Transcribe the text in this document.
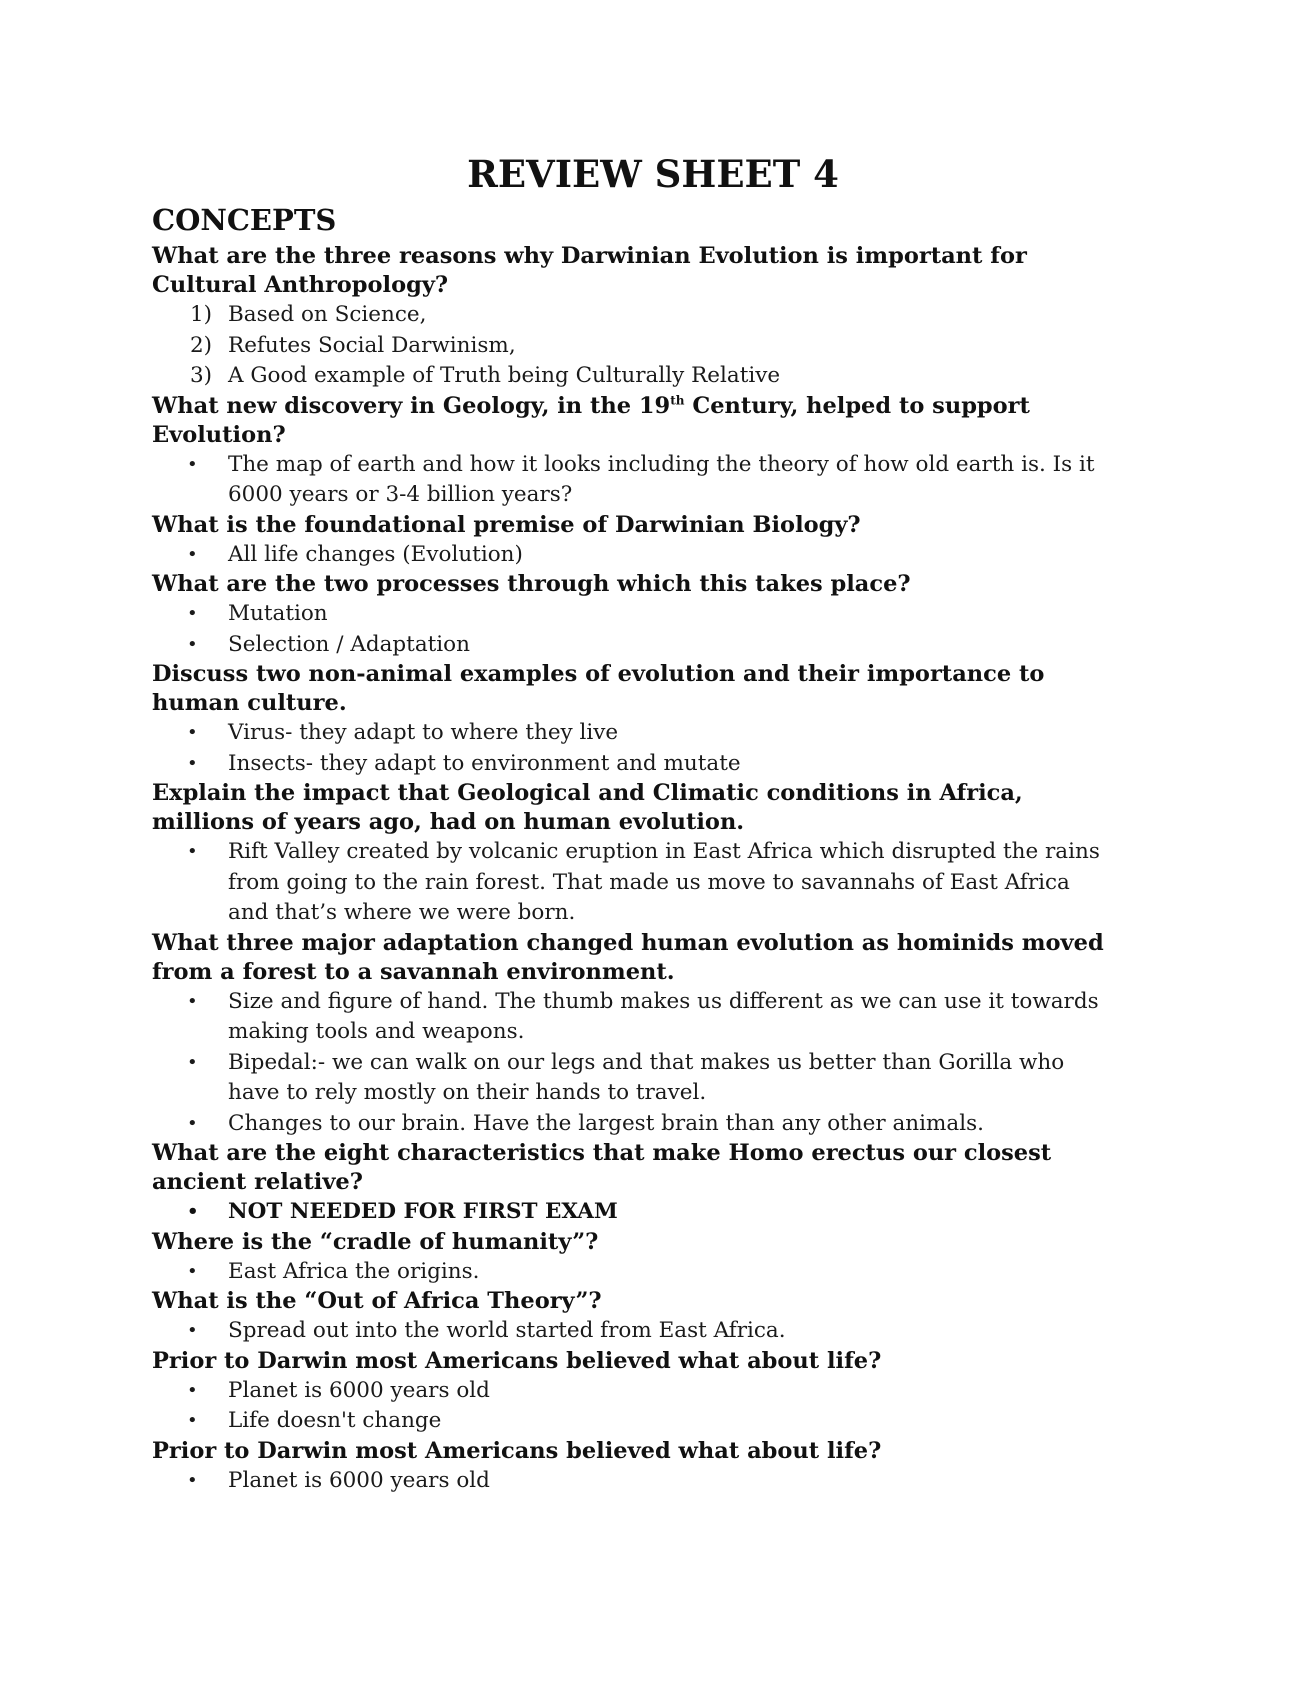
REVIEW SHEET 4
CONCEPTS
What are the three reasons why Darwinian Evolution is important for Cultural Anthropology?
1) Based on Science,
2) Refutes Social Darwinism,
3) A Good example of Truth being Culturally Relative
What new discovery in Geology, in the 19th Century, helped to support Evolution?
• The map of earth and how it looks including the theory of how old earth is. Is it 6000 years or 3-4 billion years?
What is the foundational premise of Darwinian Biology?
• All life changes (Evolution)
What are the two processes through which this takes place?
• Mutation
• Selection / Adaptation
Discuss two non-animal examples of evolution and their importance to human culture.
• Virus- they adapt to where they live
• Insects- they adapt to environment and mutate
Explain the impact that Geological and Climatic conditions in Africa, millions of years ago, had on human evolution.
• Rift Valley created by volcanic eruption in East Africa which disrupted the rains from going to the rain forest. That made us move to savannahs of East Africa and that’s where we were born.
What three major adaptation changed human evolution as hominids moved from a forest to a savannah environment.
• Size and figure of hand. The thumb makes us different as we can use it towards making tools and weapons.
• Bipedal:- we can walk on our legs and that makes us better than Gorilla who have to rely mostly on their hands to travel.
• Changes to our brain. Have the largest brain than any other animals.
What are the eight characteristics that make Homo erectus our closest ancient relative?
• NOT NEEDED FOR FIRST EXAM
Where is the “cradle of humanity”?
• East Africa the origins.
What is the “Out of Africa Theory”?
• Spread out into the world started from East Africa.
Prior to Darwin most Americans believed what about life?
• Planet is 6000 years old
• Life doesn't change
Prior to Darwin most Americans believed what about life?
• Planet is 6000 years old
